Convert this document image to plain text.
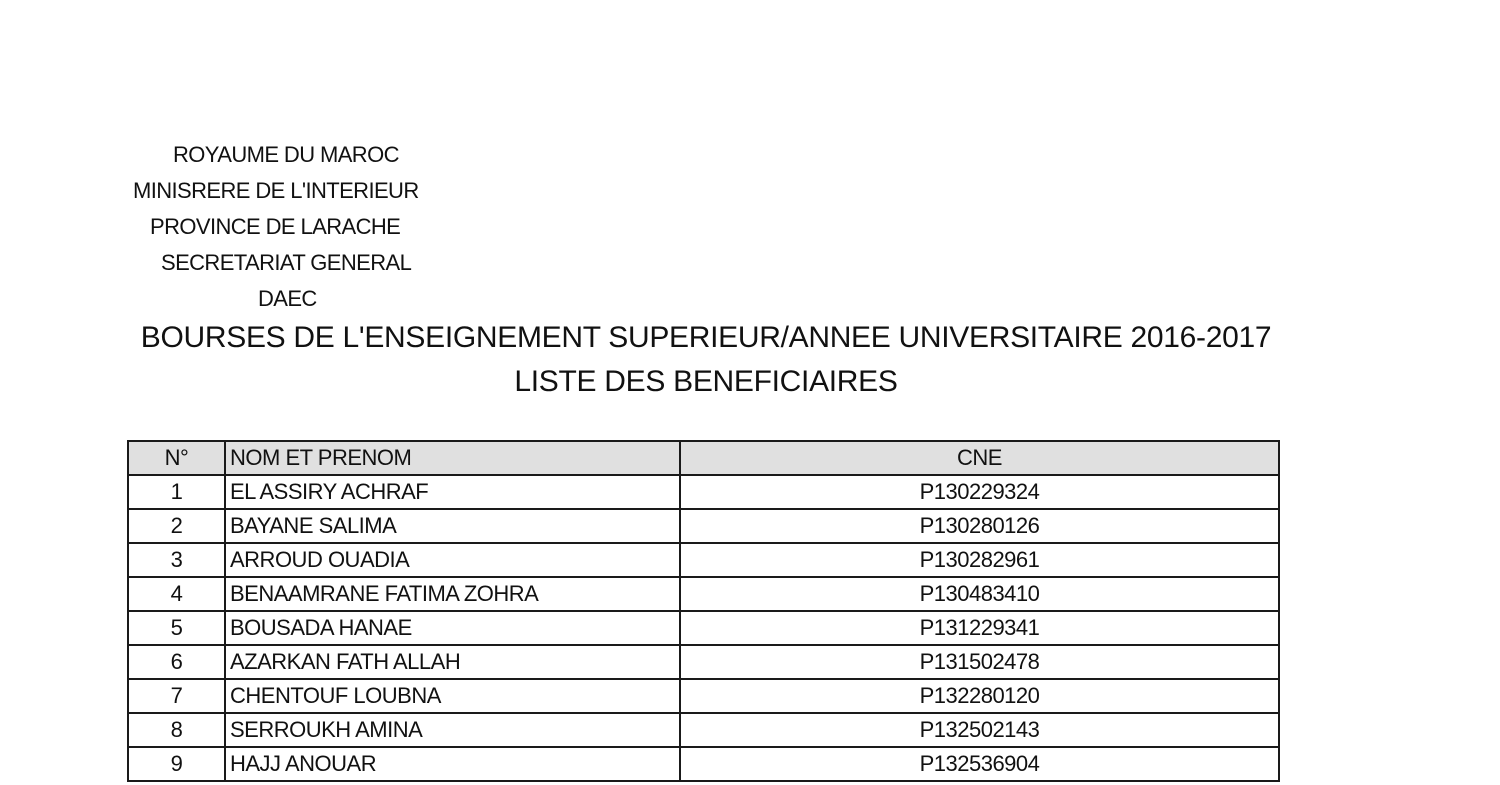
ROYAUME DU MAROC
MINISRERE DE L'INTERIEUR
PROVINCE DE LARACHE
SECRETARIAT GENERAL
DAEC
BOURSES DE L'ENSEIGNEMENT SUPERIEUR/ANNEE UNIVERSITAIRE 2016-2017
LISTE DES BENEFICIAIRES
N°	NOM ET PRENOM	CNE
1	EL ASSIRY ACHRAF	P130229324
2	BAYANE SALIMA	P130280126
3	ARROUD OUADIA	P130282961
4	BENAAMRANE FATIMA ZOHRA	P130483410
5	BOUSADA HANAE	P131229341
6	AZARKAN FATH ALLAH	P131502478
7	CHENTOUF LOUBNA	P132280120
8	SERROUKH AMINA	P132502143
9	HAJJ ANOUAR	P132536904
